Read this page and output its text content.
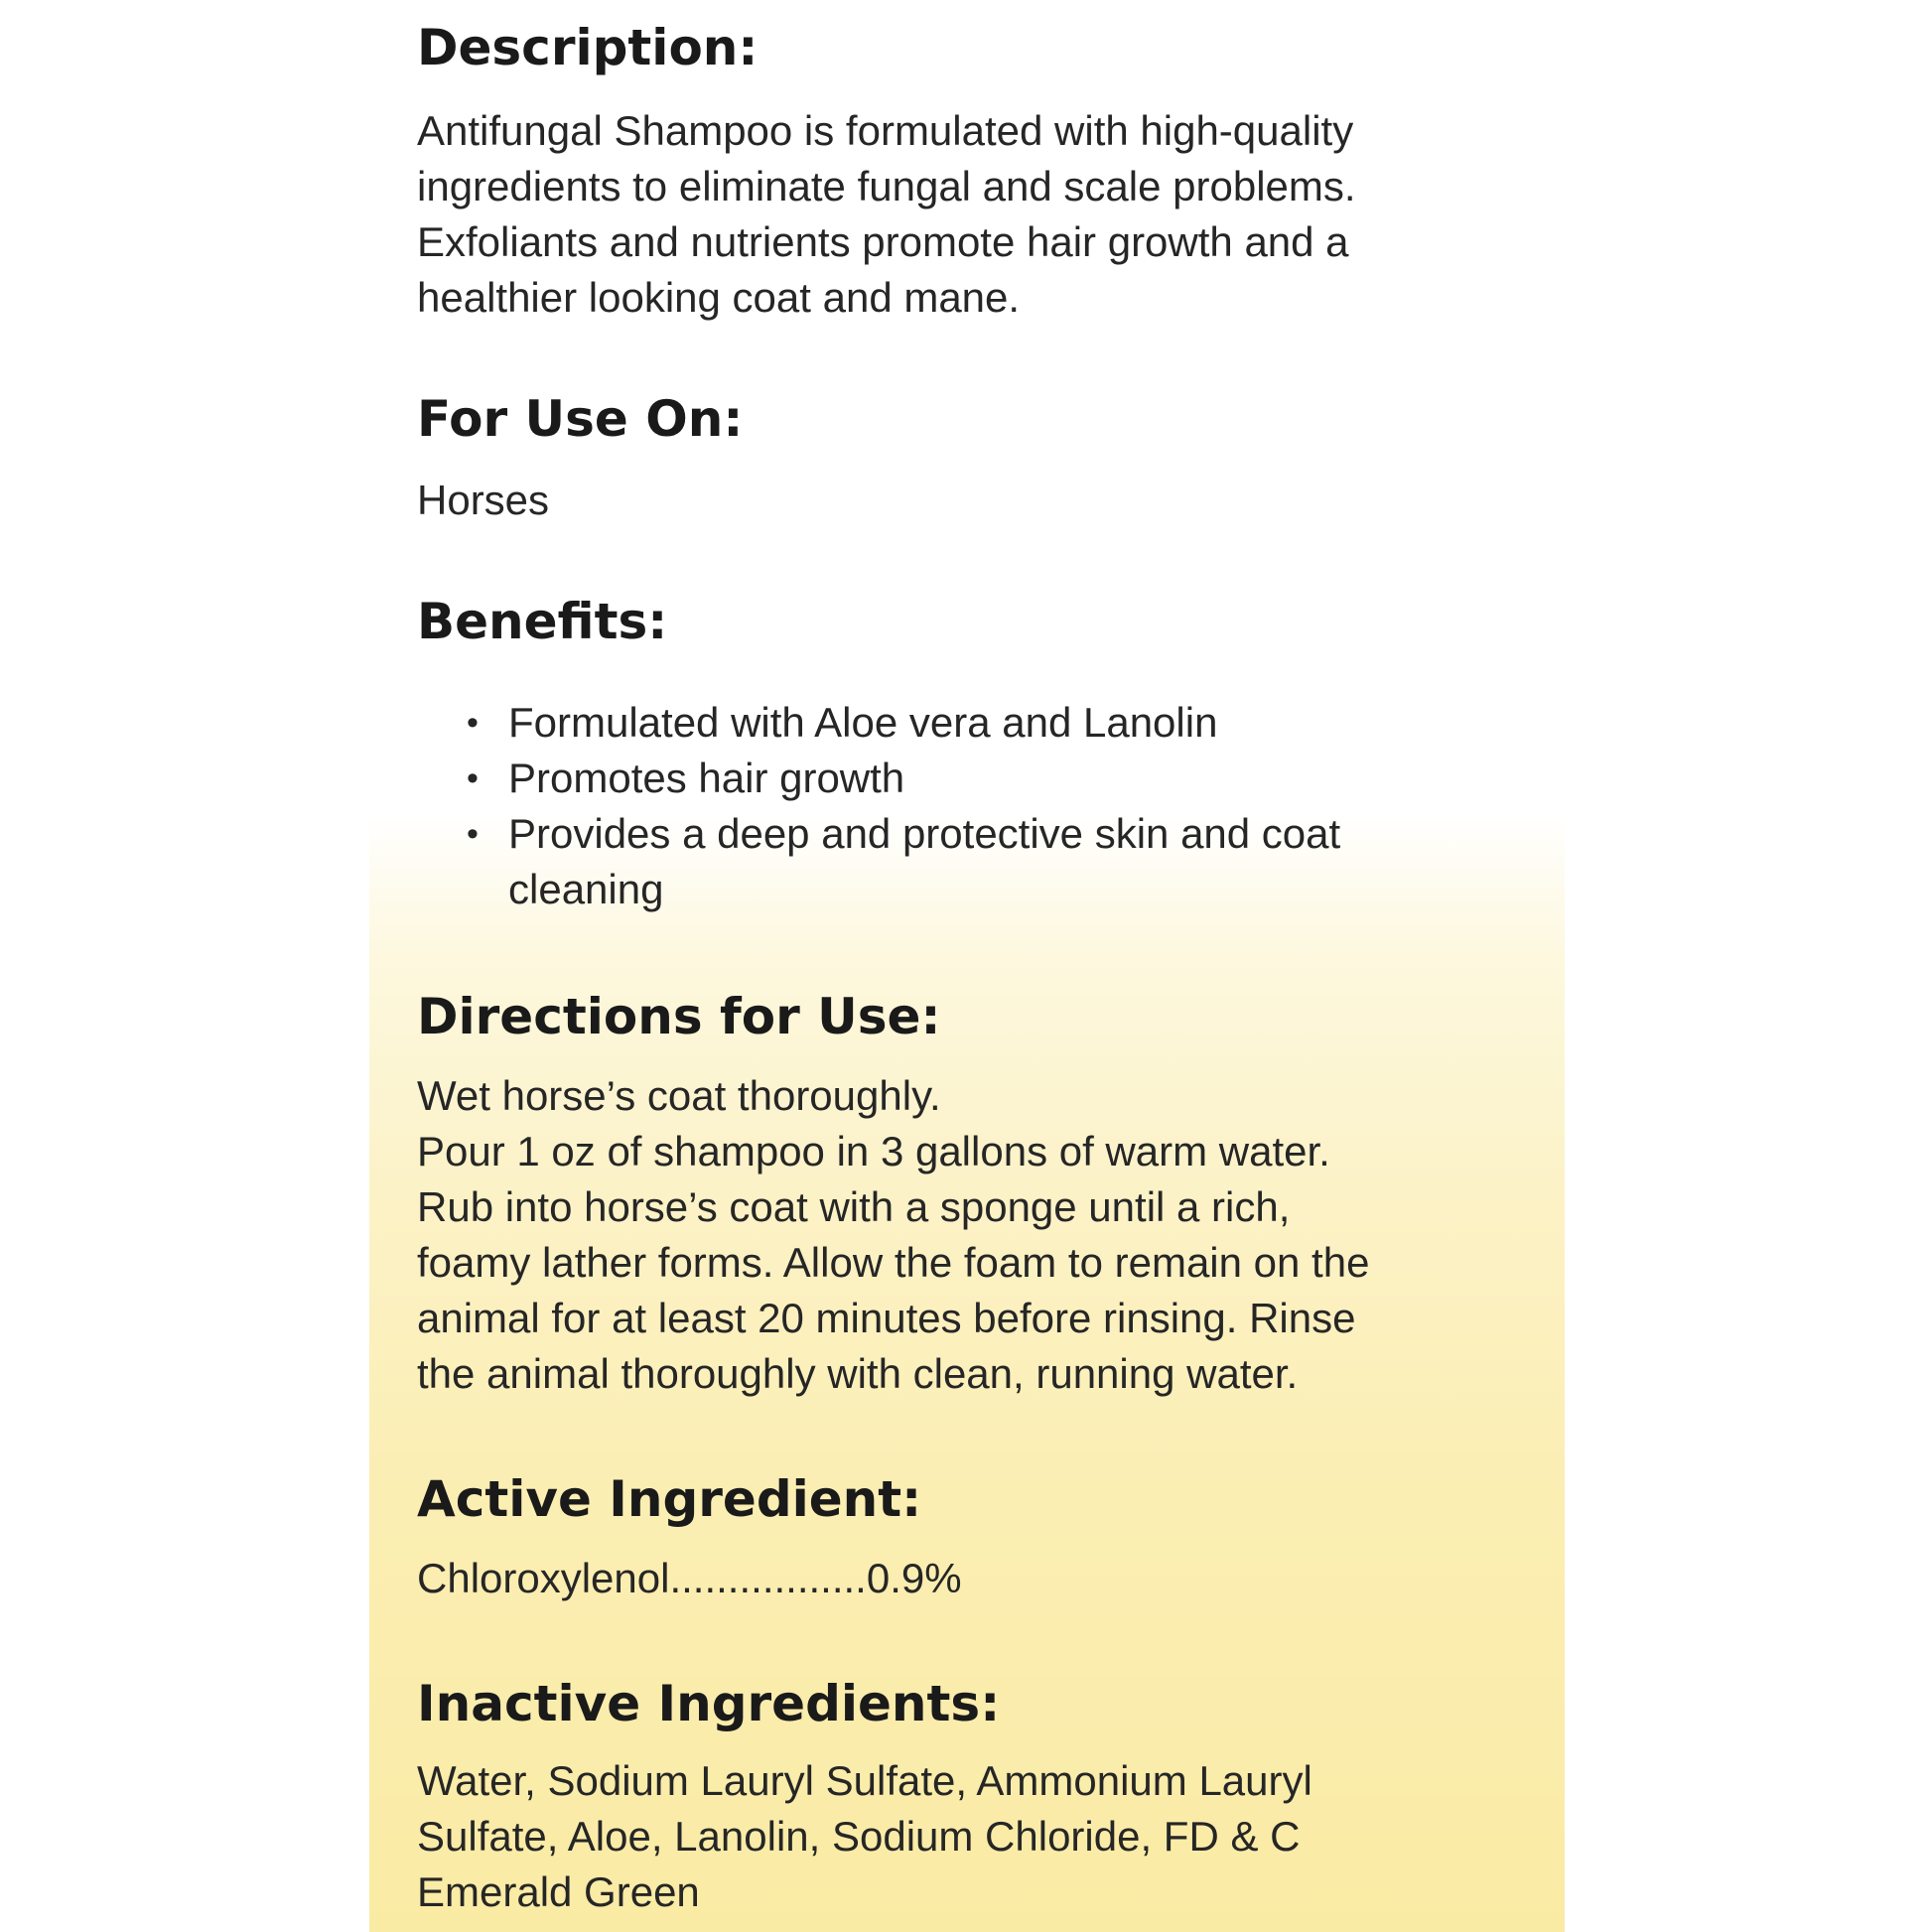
Description:

Antifungal Shampoo is formulated with high-quality
ingredients to eliminate fungal and scale problems.
Exfoliants and nutrients promote hair growth and a
healthier looking coat and mane.

For Use On:

Horses

Benefits:
• Formulated with Aloe vera and Lanolin
• Promotes hair growth
• Provides a deep and protective skin and coat
cleaning
Directions for Use:

Wet horse’s coat thoroughly.
Pour 1 oz of shampoo in 3 gallons of warm water.
Rub into horse’s coat with a sponge until a rich,
foamy lather forms. Allow the foam to remain on the
animal for at least 20 minutes before rinsing. Rinse
the animal thoroughly with clean, running water.

Active Ingredient:

Chloroxylenol.................0.9%

Inactive Ingredients:

Water, Sodium Lauryl Sulfate, Ammonium Lauryl
Sulfate, Aloe, Lanolin, Sodium Chloride, FD & C
Emerald Green
